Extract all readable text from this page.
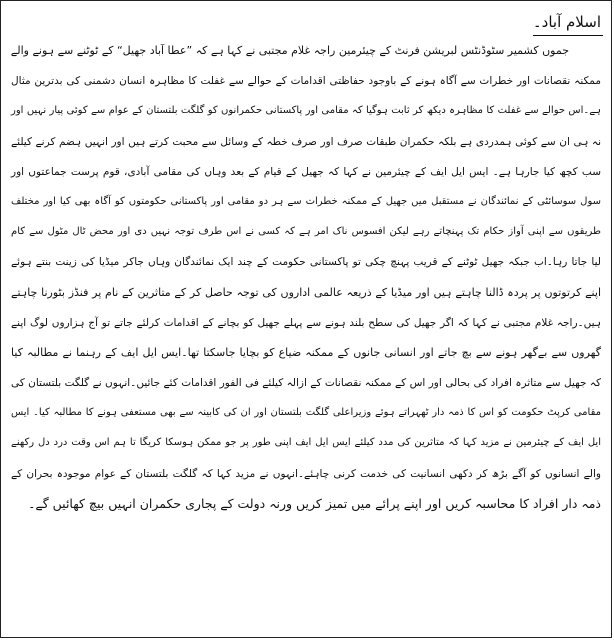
اسلام آباد۔
جموں کشمیر سٹوڈنٹس لبریشن فرنٹ کے چیئرمین راجہ غلام مجتبی نے کہا ہے کہ ”عطا آباد جھیل“ کے ٹوٹنے سے ہونے والے
ممکنہ نقصانات اور خطرات سے آگاہ ہونے کے باوجود حفاظتی اقدامات کے حوالے سے غفلت کا مظاہرہ انسان دشمنی کی بدترین مثال
ہے۔اس حوالے سے غفلت کا مظاہرہ دیکھ کر ثابت ہوگیا کہ مقامی اور پاکستانی حکمرانوں کو گلگت بلتستان کے عوام سے کوئی پیار نہیں اور
نہ ہی ان سے کوئی ہمدردی ہے بلکہ حکمران طبقات صرف اور صرف خطہ کے وسائل سے محبت کرتے ہیں اور انہیں ہضم کرنے کیلئے
سب کچھ کیا جارہا ہے۔ ایس ایل ایف کے چیئرمین نے کہا کہ جھیل کے قیام کے بعد وہاں کی مقامی آبادی، قوم پرست جماعتوں اور
سول سوسائٹی کے نمائندگان نے مستقبل میں جھیل کے ممکنہ خطرات سے ہر دو مقامی اور پاکستانی حکومتوں کو آگاہ بھی کیا اور مختلف
طریقوں سے اپنی آواز حکام تک پہنچاتے رہے لیکن افسوس ناک امر ہے کہ کسی نے اس طرف توجہ نہیں دی اور محض ٹال مٹول سے کام
لیا جاتا رہا۔اب جبکہ جھیل ٹوٹنے کے قریب پہنچ چکی تو پاکستانی حکومت کے چند ایک نمائندگان وہاں جاکر میڈیا کی زینت بنتے ہوئے
اپنے کرتوتوں پر پردہ ڈالنا چاہتے ہیں اور میڈیا کے ذریعہ عالمی اداروں کی توجہ حاصل کر کے متاثرین کے نام پر فنڈز بٹورنا چاہتے
ہیں۔راجہ غلام مجتبی نے کہا کہ اگر جھیل کی سطح بلند ہونے سے پہلے جھیل کو بچانے کے اقدامات کرلئے جاتے تو آج ہزاروں لوگ اپنے
گھروں سے بےگھر ہونے سے بچ جاتے اور انسانی جانوں کے ممکنہ ضیاع کو بچایا جاسکتا تھا۔ایس ایل ایف کے رہنما نے مطالبہ کیا
کہ جھیل سے متاثرہ افراد کی بحالی اور اس کے ممکنہ نقصانات کے ازالہ کیلئے فی الفور اقدامات کئے جائیں۔انہوں نے گلگت بلتستان کی
مقامی کرپٹ حکومت کو اس کا ذمہ دار ٹھہراتے ہوئے وزیراعلی گلگت بلتستان اور ان کی کابینہ سے بھی مستعفی ہونے کا مطالبہ کیا۔ ایس
ایل ایف کے چیئرمین نے مزید کہا کہ متاثرین کی مدد کیلئے ایس ایل ایف اپنی طور پر جو ممکن ہوسکا کریگا تا ہم اس وقت درد دل رکھنے
والے انسانوں کو آگے بڑھ کر دکھی انسانیت کی خدمت کرنی چاہئے۔انہوں نے مزید کہا کہ گلگت بلتستان کے عوام موجودہ بحران کے
ذمہ دار افراد کا محاسبہ کریں اور اپنے پرائے میں تمیز کریں ورنہ دولت کے پجاری حکمران انہیں بیچ کھائیں گے۔
